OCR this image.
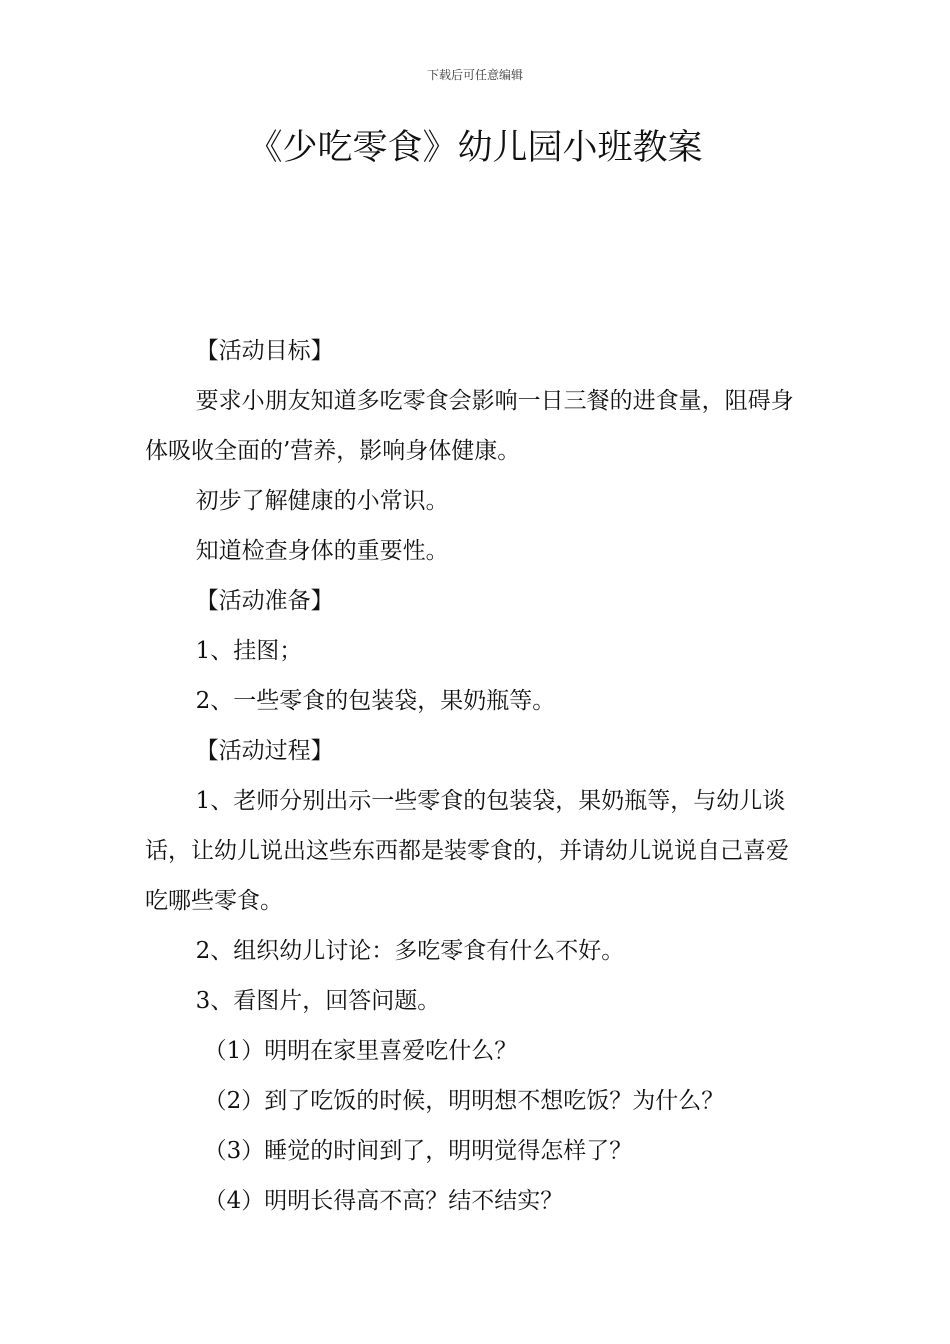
下载后可任意编辑
《少吃零食》幼儿园小班教案

【活动目标】

要求小朋友知道多吃零食会影响一日三餐的进食量，阻碍身体吸收全面的’营养，影响身体健康。

初步了解健康的小常识。

知道检查身体的重要性。

【活动准备】

1、挂图；

2、一些零食的包装袋，果奶瓶等。

【活动过程】

1、老师分别出示一些零食的包装袋，果奶瓶等，与幼儿谈话，让幼儿说出这些东西都是装零食的，并请幼儿说说自己喜爱吃哪些零食。

2、组织幼儿讨论：多吃零食有什么不好。

3、看图片，回答问题。

（1）明明在家里喜爱吃什么？

（2）到了吃饭的时候，明明想不想吃饭？为什么？

（3）睡觉的时间到了，明明觉得怎样了？

（4）明明长得高不高？结不结实？
